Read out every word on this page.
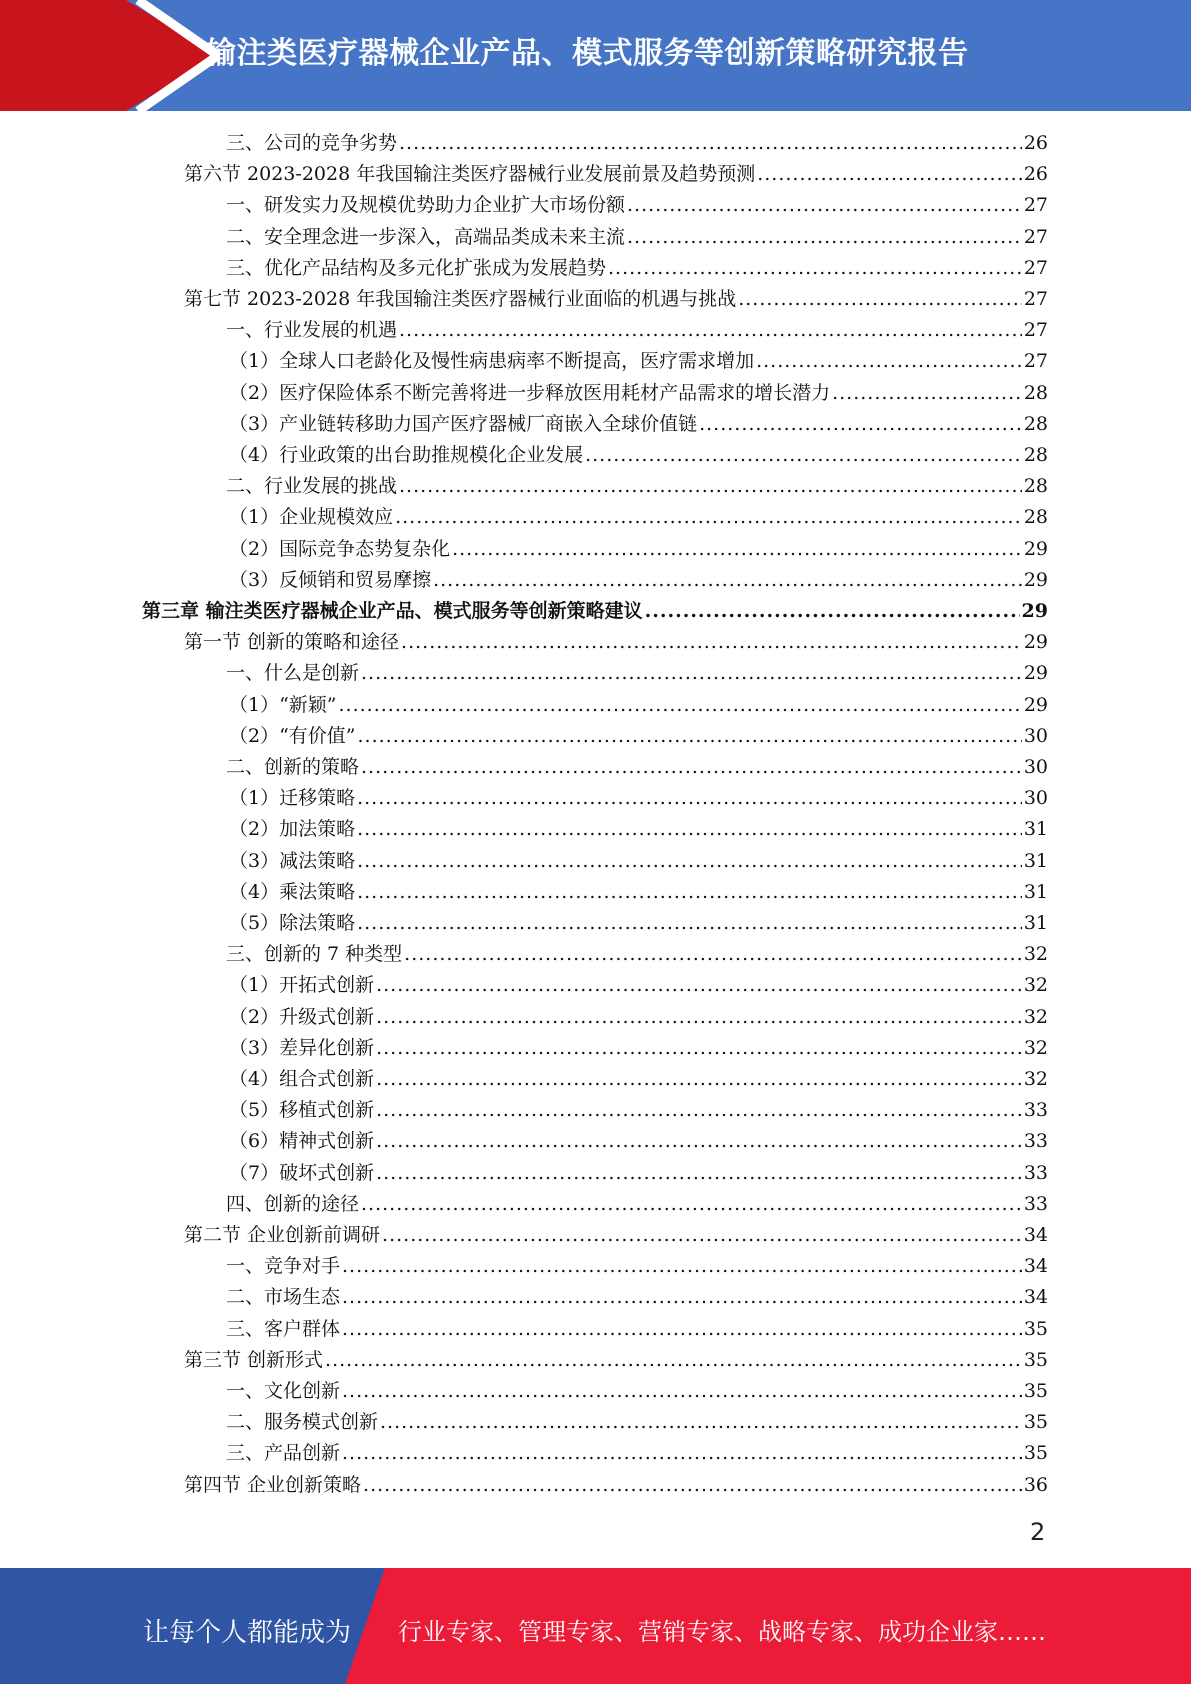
输注类医疗器械企业产品、模式服务等创新策略研究报告
三、公司的竞争劣势 .....	26
第六节 2023-2028 年我国输注类医疗器械行业发展前景及趋势预测 .....	26
一、研发实力及规模优势助力企业扩大市场份额 .....	27
二、安全理念进一步深入，高端品类成未来主流 .....	27
三、优化产品结构及多元化扩张成为发展趋势 .....	27
第七节 2023-2028 年我国输注类医疗器械行业面临的机遇与挑战 .....	27
一、行业发展的机遇 .....	27
（1）全球人口老龄化及慢性病患病率不断提高，医疗需求增加 .....	27
（2）医疗保险体系不断完善将进一步释放医用耗材产品需求的增长潜力 .....	28
（3）产业链转移助力国产医疗器械厂商嵌入全球价值链 .....	28
（4）行业政策的出台助推规模化企业发展 .....	28
二、行业发展的挑战 .....	28
（1）企业规模效应 .....	28
（2）国际竞争态势复杂化 .....	29
（3）反倾销和贸易摩擦 .....	29
第三章 输注类医疗器械企业产品、模式服务等创新策略建议 .....	29
第一节 创新的策略和途径 .....	29
一、什么是创新 .....	29
（1）“新颖” .....	29
（2）“有价值” .....	30
二、创新的策略 .....	30
（1）迁移策略 .....	30
（2）加法策略 .....	31
（3）减法策略 .....	31
（4）乘法策略 .....	31
（5）除法策略 .....	31
三、创新的 7 种类型 .....	32
（1）开拓式创新 .....	32
（2）升级式创新 .....	32
（3）差异化创新 .....	32
（4）组合式创新 .....	32
（5）移植式创新 .....	33
（6）精神式创新 .....	33
（7）破坏式创新 .....	33
四、创新的途径 .....	33
第二节 企业创新前调研 .....	34
一、竞争对手 .....	34
二、市场生态 .....	34
三、客户群体 .....	35
第三节 创新形式 .....	35
一、文化创新 .....	35
二、服务模式创新 .....	35
三、产品创新 .....	35
第四节 企业创新策略 .....	36
2
让每个人都能成为 行业专家、管理专家、营销专家、战略专家、成功企业家……
